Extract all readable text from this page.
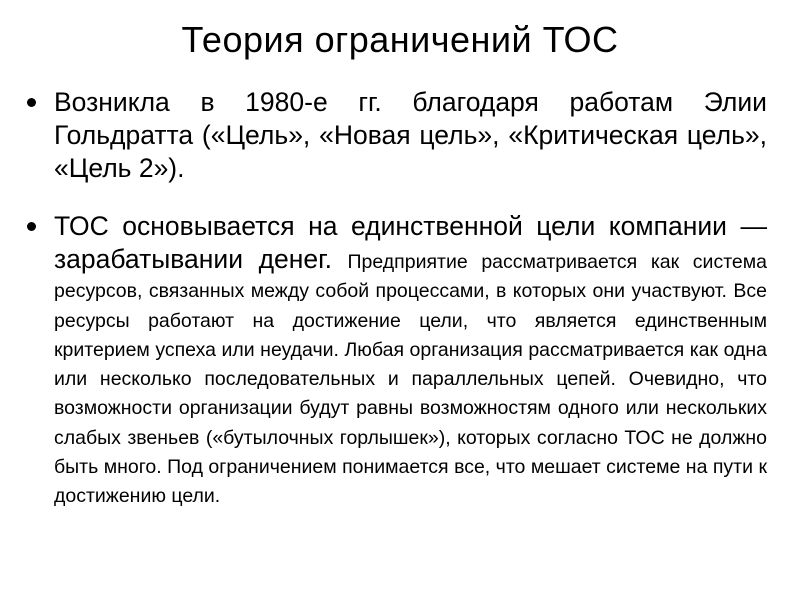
Теория ограничений ТОС
Возникла в 1980-е гг. благодаря работам Элии Гольдратта («Цель», «Новая цель», «Критическая цель», «Цель 2»).
ТОС основывается на единственной цели компании — зарабатывании денег. Предприятие рассматривается как система ресурсов, связанных между собой процессами, в которых они участвуют. Все ресурсы работают на достижение цели, что является единственным критерием успеха или неудачи. Любая организация рассматривается как одна или несколько последовательных и параллельных цепей. Очевидно, что возможности организации будут равны возможностям одного или нескольких слабых звеньев («бутылочных горлышек»), которых согласно ТОС не должно быть много. Под ограничением понимается все, что мешает системе на пути к достижению цели.
